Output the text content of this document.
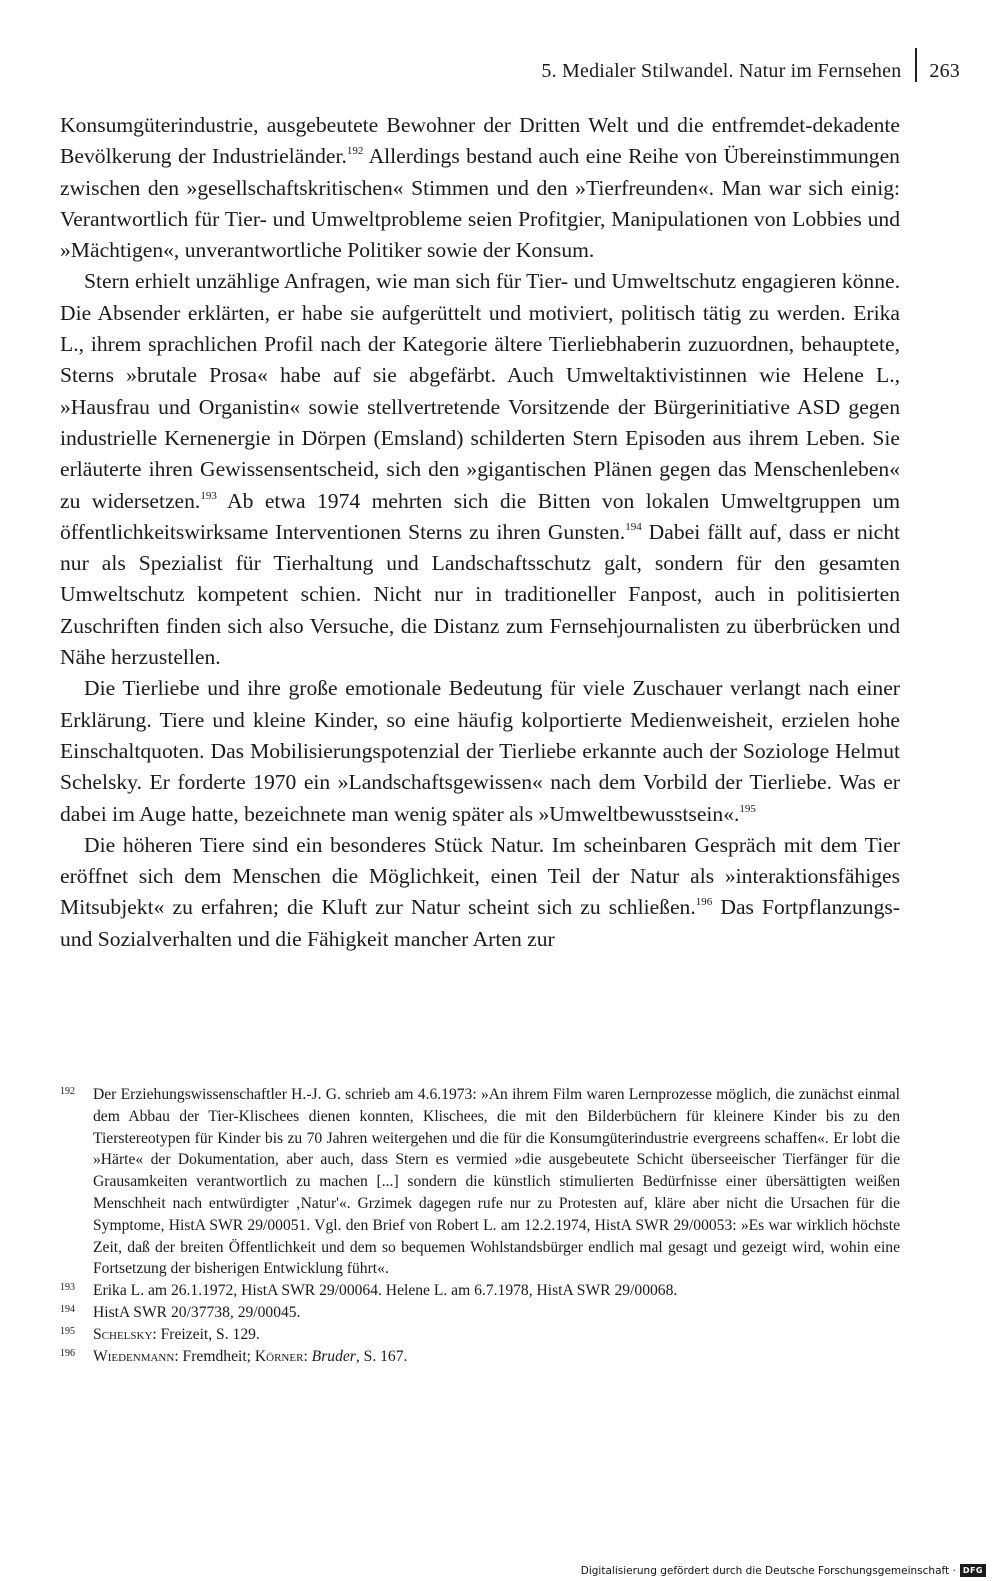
5. Medialer Stilwandel. Natur im Fernsehen 263

Konsumgüterindustrie, ausgebeutete Bewohner der Dritten Welt und die entfremdet-dekadente Bevölkerung der Industrieländer.$^{192}$ Allerdings bestand auch eine Reihe von Übereinstimmungen zwischen den »gesellschaftskritischen« Stimmen und den »Tierfreunden«. Man war sich einig: Verantwortlich für Tier- und Umweltprobleme seien Profitgier, Manipulationen von Lobbies und »Mächtigen«, unverantwortliche Politiker sowie der Konsum.

Stern erhielt unzählige Anfragen, wie man sich für Tier- und Umweltschutz engagieren könne. Die Absender erklärten, er habe sie aufgerüttelt und motiviert, politisch tätig zu werden. Erika L., ihrem sprachlichen Profil nach der Kategorie ältere Tierliebhaberin zuzuordnen, behauptete, Sterns »brutale Prosa« habe auf sie abgefärbt. Auch Umweltaktivistinnen wie Helene L., »Hausfrau und Organistin« sowie stellvertretende Vorsitzende der Bürgerinitiative ASD gegen industrielle Kernenergie in Dörpen (Emsland) schilderten Stern Episoden aus ihrem Leben. Sie erläuterte ihren Gewissensentscheid, sich den »gigantischen Plänen gegen das Menschenleben« zu widersetzen.$^{193}$ Ab etwa 1974 mehrten sich die Bitten von lokalen Umweltgruppen um öffentlichkeitswirksame Interventionen Sterns zu ihren Gunsten.$^{194}$ Dabei fällt auf, dass er nicht nur als Spezialist für Tierhaltung und Landschaftsschutz galt, sondern für den gesamten Umweltschutz kompetent schien. Nicht nur in traditioneller Fanpost, auch in politisierten Zuschriften finden sich also Versuche, die Distanz zum Fernsehjournalisten zu überbrücken und Nähe herzustellen.

Die Tierliebe und ihre große emotionale Bedeutung für viele Zuschauer verlangt nach einer Erklärung. Tiere und kleine Kinder, so eine häufig kolportierte Medienweisheit, erzielen hohe Einschaltquoten. Das Mobilisierungspotenzial der Tierliebe erkannte auch der Soziologe Helmut Schelsky. Er forderte 1970 ein »Landschaftsgewissen« nach dem Vorbild der Tierliebe. Was er dabei im Auge hatte, bezeichnete man wenig später als »Umweltbewusstsein«.$^{195}$

Die höheren Tiere sind ein besonderes Stück Natur. Im scheinbaren Gespräch mit dem Tier eröffnet sich dem Menschen die Möglichkeit, einen Teil der Natur als »interaktionsfähiges Mitsubjekt« zu erfahren; die Kluft zur Natur scheint sich zu schließen.$^{196}$ Das Fortpflanzungs- und Sozialverhalten und die Fähigkeit mancher Arten zur

192	Der Erziehungswissenschaftler H.-J. G. schrieb am 4.6.1973: »An ihrem Film waren Lernprozesse möglich, die zunächst einmal dem Abbau der Tier-Klischees dienen konnten, Klischees, die mit den Bilderbüchern für kleinere Kinder bis zu den Tierstereotypen für Kinder bis zu 70 Jahren weitergehen und die für die Konsumgüterindustrie evergreens schaffen«. Er lobt die »Härte« der Dokumentation, aber auch, dass Stern es vermied »die ausgebeutete Schicht überseeischer Tierfänger für die Grausamkeiten verantwortlich zu machen [...] sondern die künstlich stimulierten Bedürfnisse einer übersättigten weißen Menschheit nach entwürdigter ‚Natur'«. Grzimek dagegen rufe nur zu Protesten auf, kläre aber nicht die Ursachen für die Symptome, HistA SWR 29/00051. Vgl. den Brief von Robert L. am 12.2.1974, HistA SWR 29/00053: »Es war wirklich höchste Zeit, daß der breiten Öffentlichkeit und dem so bequemen Wohlstandsbürger endlich mal gesagt und gezeigt wird, wohin eine Fortsetzung der bisherigen Entwicklung führt«.
193	Erika L. am 26.1.1972, HistA SWR 29/00064. Helene L. am 6.7.1978, HistA SWR 29/00068.
194	HistA SWR 20/37738, 29/00045.
195	Schelsky: Freizeit, S. 129.
196	Wiedenmann: Fremdheit; Körner: Bruder, S. 167.
Digitalisierung gefördert durch die Deutsche Forschungsgemeinschaft · DFG
